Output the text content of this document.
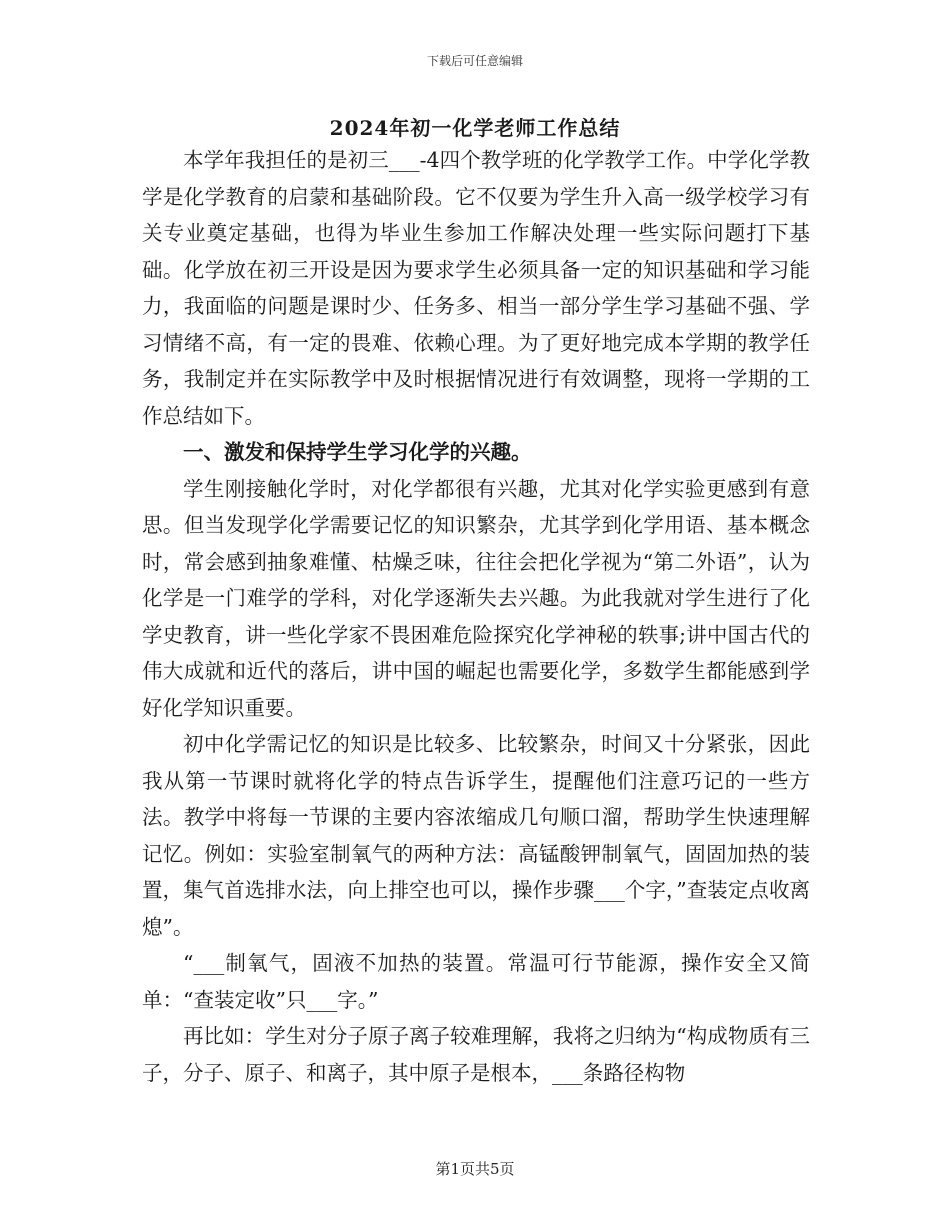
下载后可任意编辑
2024年初一化学老师工作总结

本学年我担任的是初三___-4四个教学班的化学教学工作。中学化学教学是化学教育的启蒙和基础阶段。它不仅要为学生升入高一级学校学习有关专业奠定基础，也得为毕业生参加工作解决处理一些实际问题打下基础。化学放在初三开设是因为要求学生必须具备一定的知识基础和学习能力，我面临的问题是课时少、任务多、相当一部分学生学习基础不强、学习情绪不高，有一定的畏难、依赖心理。为了更好地完成本学期的教学任务，我制定并在实际教学中及时根据情况进行有效调整，现将一学期的工作总结如下。

一、激发和保持学生学习化学的兴趣。

学生刚接触化学时，对化学都很有兴趣，尤其对化学实验更感到有意思。但当发现学化学需要记忆的知识繁杂，尤其学到化学用语、基本概念时，常会感到抽象难懂、枯燥乏味，往往会把化学视为“第二外语”，认为化学是一门难学的学科，对化学逐渐失去兴趣。为此我就对学生进行了化学史教育，讲一些化学家不畏困难危险探究化学神秘的轶事;讲中国古代的伟大成就和近代的落后，讲中国的崛起也需要化学，多数学生都能感到学好化学知识重要。

初中化学需记忆的知识是比较多、比较繁杂，时间又十分紧张，因此我从第一节课时就将化学的特点告诉学生，提醒他们注意巧记的一些方法。教学中将每一节课的主要内容浓缩成几句顺口溜，帮助学生快速理解记忆。例如：实验室制氧气的两种方法：高锰酸钾制氧气，固固加热的装置，集气首选排水法，向上排空也可以，操作步骤___个字，”查装定点收离熄”。

“___制氧气，固液不加热的装置。常温可行节能源，操作安全又简单：“查装定收”只___字。”

再比如：学生对分子原子离子较难理解，我将之归纳为“构成物质有三子，分子、原子、和离子，其中原子是根本，___条路径构物

第1页共5页
